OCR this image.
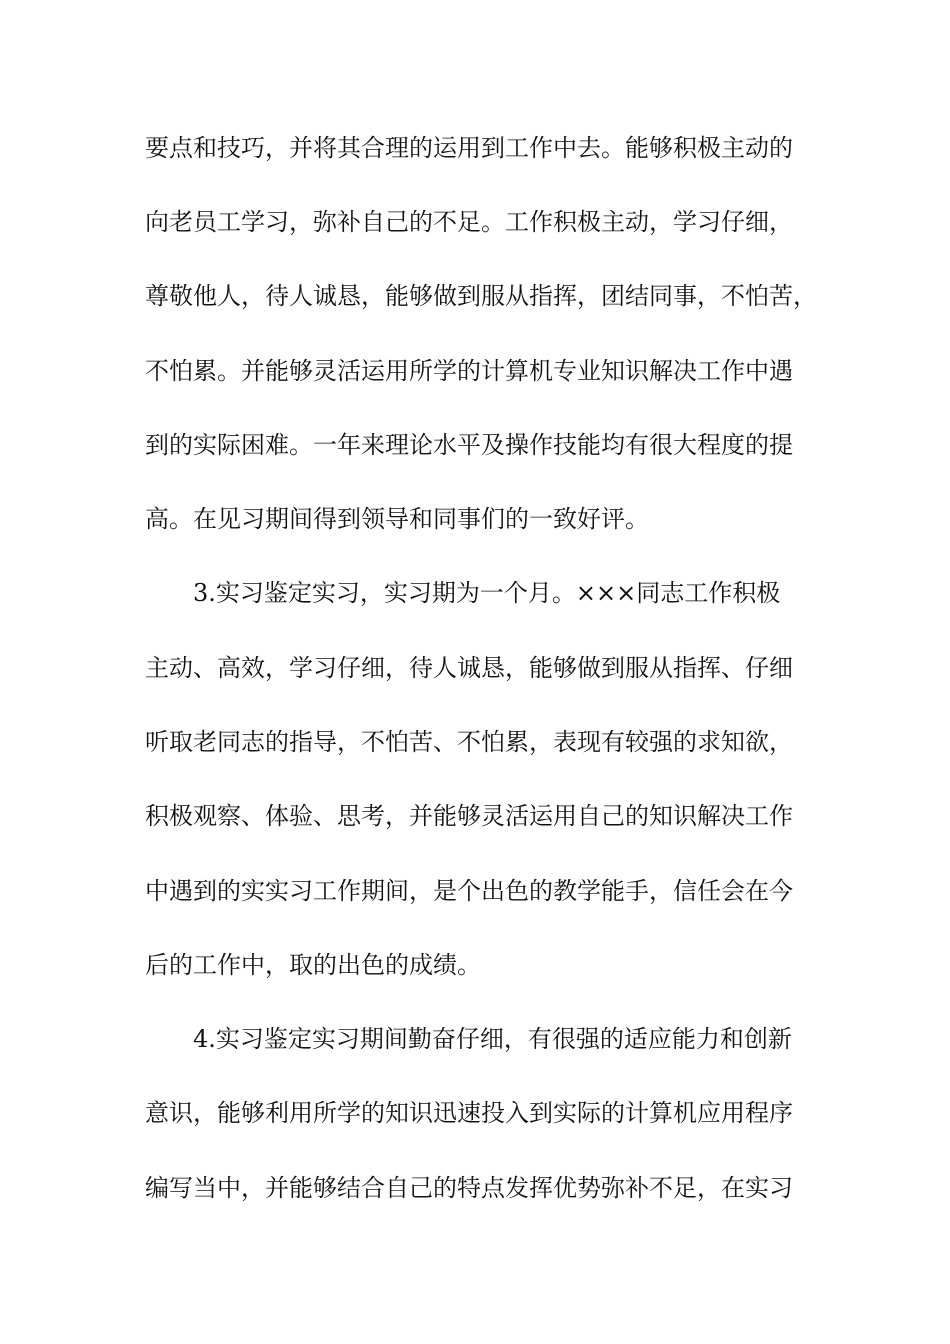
要点和技巧，并将其合理的运用到工作中去。能够积极主动的
向老员工学习，弥补自己的不足。工作积极主动，学习仔细，
尊敬他人，待人诚恳，能够做到服从指挥，团结同事，不怕苦，
不怕累。并能够灵活运用所学的计算机专业知识解决工作中遇
到的实际困难。一年来理论水平及操作技能均有很大程度的提
高。在见习期间得到领导和同事们的一致好评。
3.实习鉴定实习，实习期为一个月。×××同志工作积极
主动、高效，学习仔细，待人诚恳，能够做到服从指挥、仔细
听取老同志的指导，不怕苦、不怕累，表现有较强的求知欲，
积极观察、体验、思考，并能够灵活运用自己的知识解决工作
中遇到的实实习工作期间，是个出色的教学能手，信任会在今
后的工作中，取的出色的成绩。
4.实习鉴定实习期间勤奋仔细，有很强的适应能力和创新
意识，能够利用所学的知识迅速投入到实际的计算机应用程序
编写当中，并能够结合自己的特点发挥优势弥补不足，在实习
